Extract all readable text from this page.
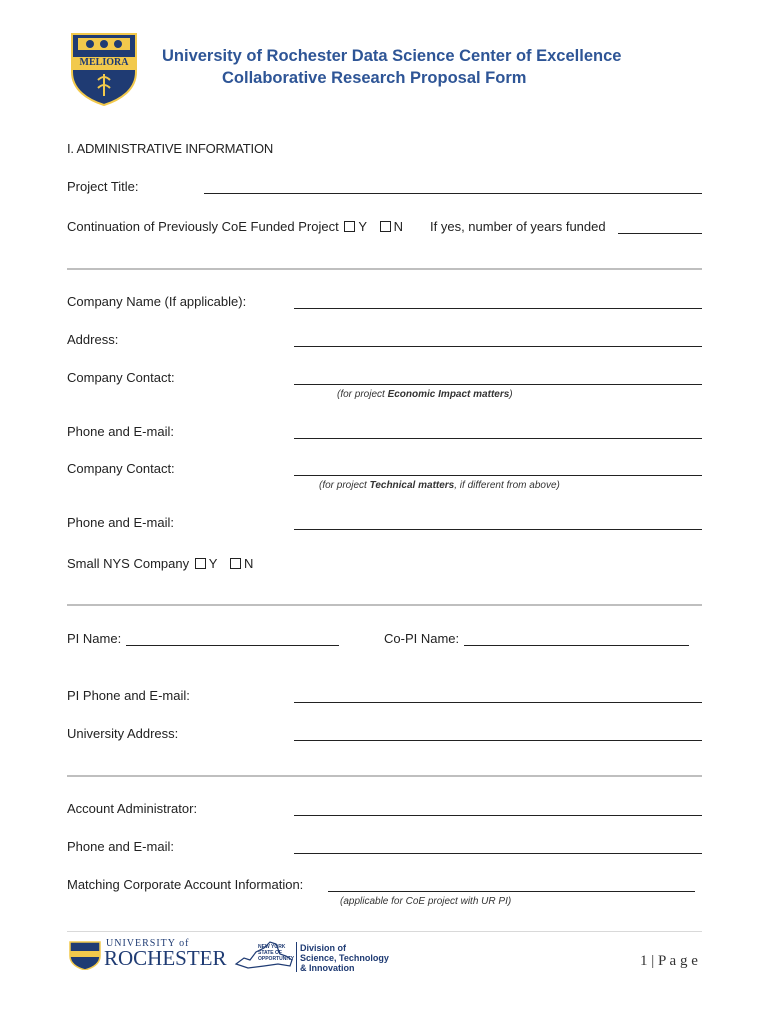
MELIORA	University of Rochester Data Science Center of Excellence
Collaborative Research Proposal Form
I. ADMINISTRATIVE INFORMATION
Project Title:
Continuation of Previously CoE Funded Project Y N If yes, number of years funded
Company Name (If applicable):
Address:
Company Contact:
(for project Economic Impact matters)
Phone and E-mail:
Company Contact:
(for project Technical matters, if different from above)
Phone and E-mail:
Small NYS Company Y N
PI Name:	Co-PI Name:
PI Phone and E-mail:
University Address:
Account Administrator:
Phone and E-mail:
Matching Corporate Account Information:
(applicable for CoE project with UR PI)
UNIVERSITY of
ROCHESTER	NEW YORK STATE OF OPPORTUNITY
Division of
Science, Technology
& Innovation	1 | P a g e
